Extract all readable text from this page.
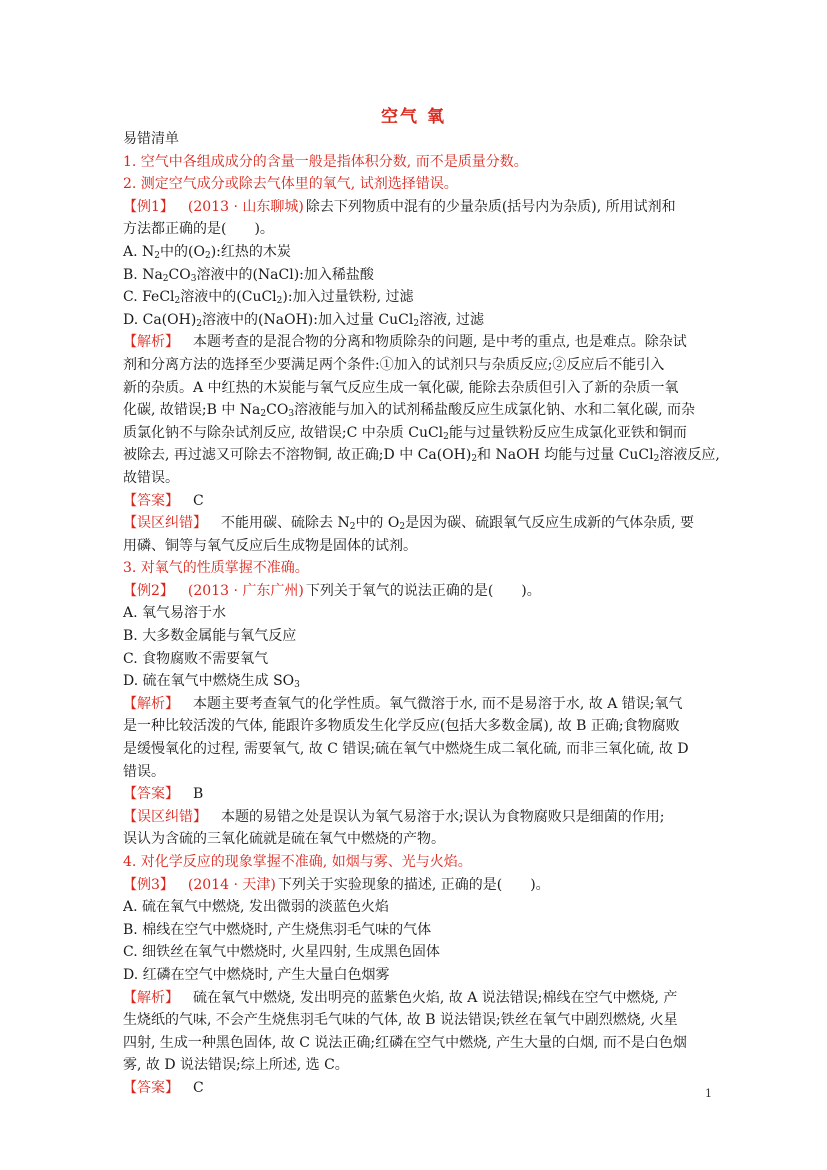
空气 氧
易错清单
1. 空气中各组成成分的含量一般是指体积分数, 而不是质量分数。
2. 测定空气成分或除去气体里的氧气, 试剂选择错误。
【例1】 (2013 · 山东聊城) 除去下列物质中混有的少量杂质(括号内为杂质), 所用试剂和
方法都正确的是(　　)。
A. $N_2$中的$(O_2)$:红热的木炭
B. $Na_2CO_3$溶液中的(NaCl):加入稀盐酸
C. FeCl$_2$溶液中的(CuCl$_2$):加入过量铁粉, 过滤
D. $Ca(OH)_2$溶液中的(NaOH):加入过量 CuCl$_2$溶液, 过滤
【解析】 本题考查的是混合物的分离和物质除杂的问题, 是中考的重点, 也是难点。除杂试
剂和分离方法的选择至少要满足两个条件:①加入的试剂只与杂质反应;②反应后不能引入
新的杂质。A 中红热的木炭能与氧气反应生成一氧化碳, 能除去杂质但引入了新的杂质一氧
化碳, 故错误;B 中 $Na_2CO_3$溶液能与加入的试剂稀盐酸反应生成氯化钠、水和二氧化碳, 而杂
质氯化钠不与除杂试剂反应, 故错误;C 中杂质 CuCl$_2$能与过量铁粉反应生成氯化亚铁和铜而
被除去, 再过滤又可除去不溶物铜, 故正确;D 中 $Ca(OH)_2$和 NaOH 均能与过量 CuCl$_2$溶液反应,
故错误。
【答案】 C
【误区纠错】 不能用碳、硫除去 $N_2$中的 $O_2$是因为碳、硫跟氧气反应生成新的气体杂质, 要
用磷、铜等与氧气反应后生成物是固体的试剂。
3. 对氧气的性质掌握不准确。
【例2】 (2013 · 广东广州) 下列关于氧气的说法正确的是(　　)。
A. 氧气易溶于水
B. 大多数金属能与氧气反应
C. 食物腐败不需要氧气
D. 硫在氧气中燃烧生成 $SO_3$
【解析】 本题主要考查氧气的化学性质。氧气微溶于水, 而不是易溶于水, 故 A 错误;氧气
是一种比较活泼的气体, 能跟许多物质发生化学反应(包括大多数金属), 故 B 正确;食物腐败
是缓慢氧化的过程, 需要氧气, 故 C 错误;硫在氧气中燃烧生成二氧化硫, 而非三氧化硫, 故 D
错误。
【答案】 B
【误区纠错】 本题的易错之处是误认为氧气易溶于水;误认为食物腐败只是细菌的作用;
误认为含硫的三氧化硫就是硫在氧气中燃烧的产物。
4. 对化学反应的现象掌握不准确, 如烟与雾、光与火焰。
【例3】 (2014 · 天津) 下列关于实验现象的描述, 正确的是(　　)。
A. 硫在氧气中燃烧, 发出微弱的淡蓝色火焰
B. 棉线在空气中燃烧时, 产生烧焦羽毛气味的气体
C. 细铁丝在氧气中燃烧时, 火星四射, 生成黑色固体
D. 红磷在空气中燃烧时, 产生大量白色烟雾
【解析】 硫在氧气中燃烧, 发出明亮的蓝紫色火焰, 故 A 说法错误;棉线在空气中燃烧, 产
生烧纸的气味, 不会产生烧焦羽毛气味的气体, 故 B 说法错误;铁丝在氧气中剧烈燃烧, 火星
四射, 生成一种黑色固体, 故 C 说法正确;红磷在空气中燃烧, 产生大量的白烟, 而不是白色烟
雾, 故 D 说法错误;综上所述, 选 C。
【答案】 C	1
